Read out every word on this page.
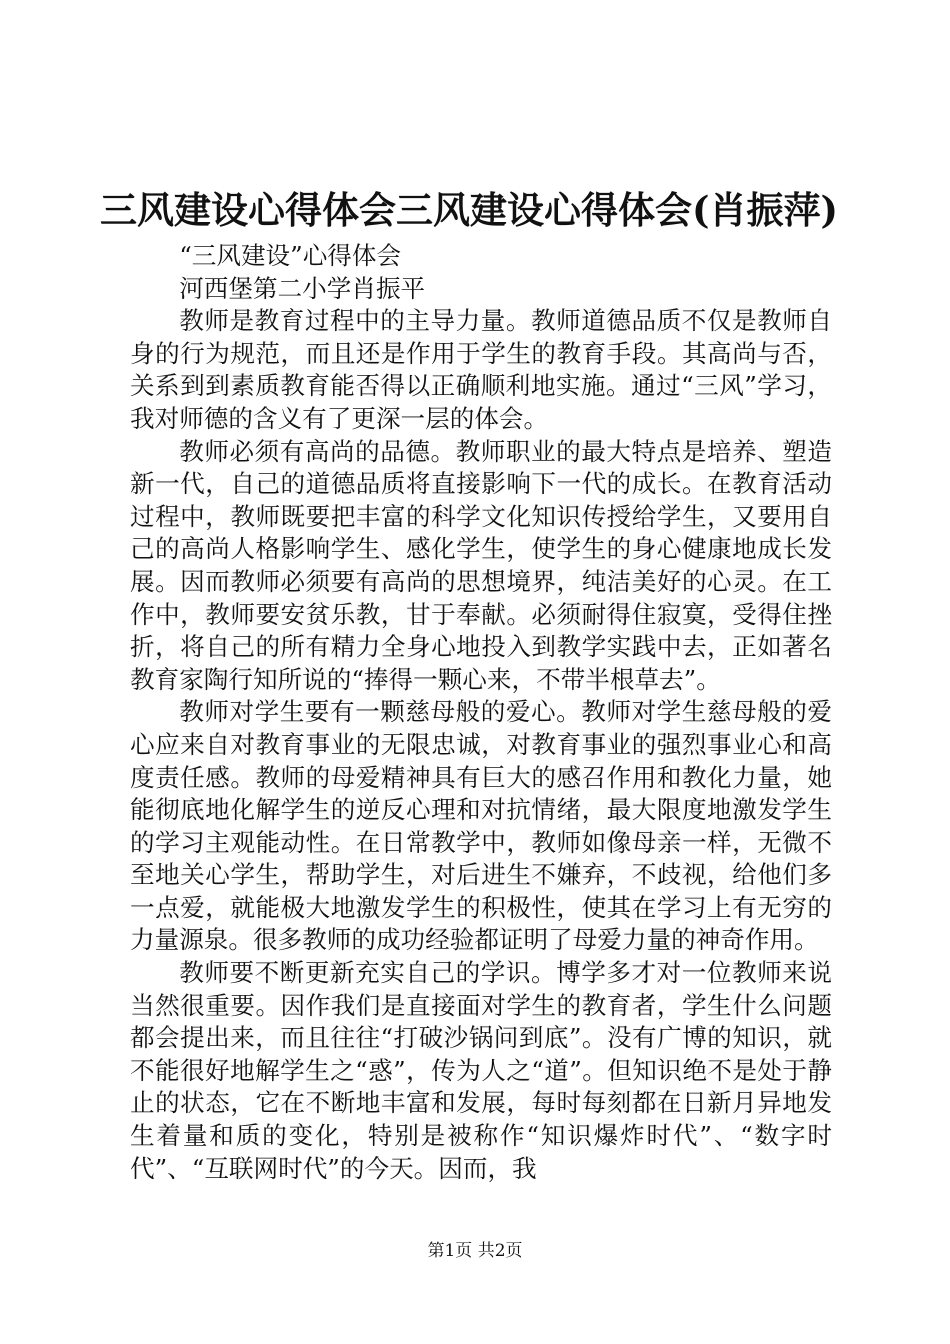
三风建设心得体会三风建设心得体会(肖振萍)

“三风建设”心得体会

河西堡第二小学肖振平

教师是教育过程中的主导力量。教师道德品质不仅是教师自身的行为规范，而且还是作用于学生的教育手段。其高尚与否，关系到到素质教育能否得以正确顺利地实施。通过“三风”学习，我对师德的含义有了更深一层的体会。

教师必须有高尚的品德。教师职业的最大特点是培养、塑造新一代，自己的道德品质将直接影响下一代的成长。在教育活动过程中，教师既要把丰富的科学文化知识传授给学生，又要用自己的高尚人格影响学生、感化学生，使学生的身心健康地成长发展。因而教师必须要有高尚的思想境界，纯洁美好的心灵。在工作中，教师要安贫乐教，甘于奉献。必须耐得住寂寞，受得住挫折，将自己的所有精力全身心地投入到教学实践中去，正如著名教育家陶行知所说的“捧得一颗心来，不带半根草去”。

教师对学生要有一颗慈母般的爱心。教师对学生慈母般的爱心应来自对教育事业的无限忠诚，对教育事业的强烈事业心和高度责任感。教师的母爱精神具有巨大的感召作用和教化力量，她能彻底地化解学生的逆反心理和对抗情绪，最大限度地激发学生的学习主观能动性。在日常教学中，教师如像母亲一样，无微不至地关心学生，帮助学生，对后进生不嫌弃，不歧视，给他们多一点爱，就能极大地激发学生的积极性，使其在学习上有无穷的力量源泉。很多教师的成功经验都证明了母爱力量的神奇作用。

教师要不断更新充实自己的学识。博学多才对一位教师来说当然很重要。因作我们是直接面对学生的教育者，学生什么问题都会提出来，而且往往“打破沙锅问到底”。没有广博的知识，就不能很好地解学生之“惑”，传为人之“道”。但知识绝不是处于静止的状态，它在不断地丰富和发展，每时每刻都在日新月异地发生着量和质的变化，特别是被称作“知识爆炸时代”、“数字时代”、“互联网时代”的今天。因而，我

第1页 共2页
